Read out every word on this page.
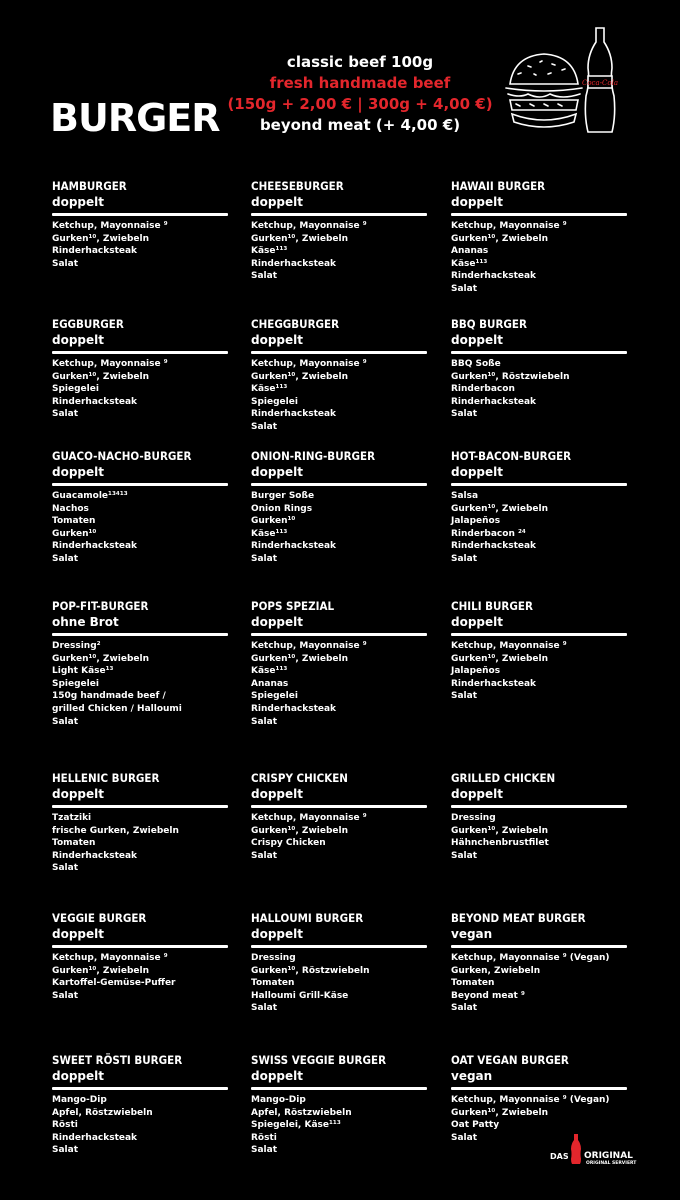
BURGER
classic beef 100g
fresh handmade beef
(150g + 2,00 € | 300g + 4,00 €)
beyond meat (+ 4,00 €)
Coca-Cola
HAMBURGER
doppelt
Ketchup, Mayonnaise ⁹
Gurken¹⁰, Zwiebeln
Rinderhacksteak
Salat
CHEESEBURGER
doppelt
Ketchup, Mayonnaise ⁹
Gurken¹⁰, Zwiebeln
Käse¹¹³
Rinderhacksteak
Salat
HAWAII BURGER
doppelt
Ketchup, Mayonnaise ⁹
Gurken¹⁰, Zwiebeln
Ananas
Käse¹¹³
Rinderhacksteak
Salat
EGGBURGER
doppelt
Ketchup, Mayonnaise ⁹
Gurken¹⁰, Zwiebeln
Spiegelei
Rinderhacksteak
Salat
CHEGGBURGER
doppelt
Ketchup, Mayonnaise ⁹
Gurken¹⁰, Zwiebeln
Käse¹¹³
Spiegelei
Rinderhacksteak
Salat
BBQ BURGER
doppelt
BBQ Soße
Gurken¹⁰, Röstzwiebeln
Rinderbacon
Rinderhacksteak
Salat
GUACO-NACHO-BURGER
doppelt
Guacamole¹³⁴¹³
Nachos
Tomaten
Gurken¹⁰
Rinderhacksteak
Salat
ONION-RING-BURGER
doppelt
Burger Soße
Onion Rings
Gurken¹⁰
Käse¹¹³
Rinderhacksteak
Salat
HOT-BACON-BURGER
doppelt
Salsa
Gurken¹⁰, Zwiebeln
Jalapeños
Rinderbacon ²⁴
Rinderhacksteak
Salat
POP-FIT-BURGER
ohne Brot
Dressing²
Gurken¹⁰, Zwiebeln
Light Käse¹³
Spiegelei
150g handmade beef /
grilled Chicken / Halloumi
Salat
POPS SPEZIAL
doppelt
Ketchup, Mayonnaise ⁹
Gurken¹⁰, Zwiebeln
Käse¹¹³
Ananas
Spiegelei
Rinderhacksteak
Salat
CHILI BURGER
doppelt
Ketchup, Mayonnaise ⁹
Gurken¹⁰, Zwiebeln
Jalapeños
Rinderhacksteak
Salat
HELLENIC BURGER
doppelt
Tzatziki
frische Gurken, Zwiebeln
Tomaten
Rinderhacksteak
Salat
CRISPY CHICKEN
doppelt
Ketchup, Mayonnaise ⁹
Gurken¹⁰, Zwiebeln
Crispy Chicken
Salat
GRILLED CHICKEN
doppelt
Dressing
Gurken¹⁰, Zwiebeln
Hähnchenbrustfilet
Salat
VEGGIE BURGER
doppelt
Ketchup, Mayonnaise ⁹
Gurken¹⁰, Zwiebeln
Kartoffel-Gemüse-Puffer
Salat
HALLOUMI BURGER
doppelt
Dressing
Gurken¹⁰, Röstzwiebeln
Tomaten
Halloumi Grill-Käse
Salat
BEYOND MEAT BURGER
vegan
Ketchup, Mayonnaise ⁹ (Vegan)
Gurken, Zwiebeln
Tomaten
Beyond meat ⁹
Salat
SWEET RÖSTI BURGER
doppelt
Mango-Dip
Apfel, Röstzwiebeln
Rösti
Rinderhacksteak
Salat
SWISS VEGGIE BURGER
doppelt
Mango-Dip
Apfel, Röstzwiebeln
Spiegelei, Käse¹¹³
Rösti
Salat
OAT VEGAN BURGER
vegan
Ketchup, Mayonnaise ⁹ (Vegan)
Gurken¹⁰, Zwiebeln
Oat Patty
Salat
DAS ORIGINAL
ORIGINAL SERVIERT
